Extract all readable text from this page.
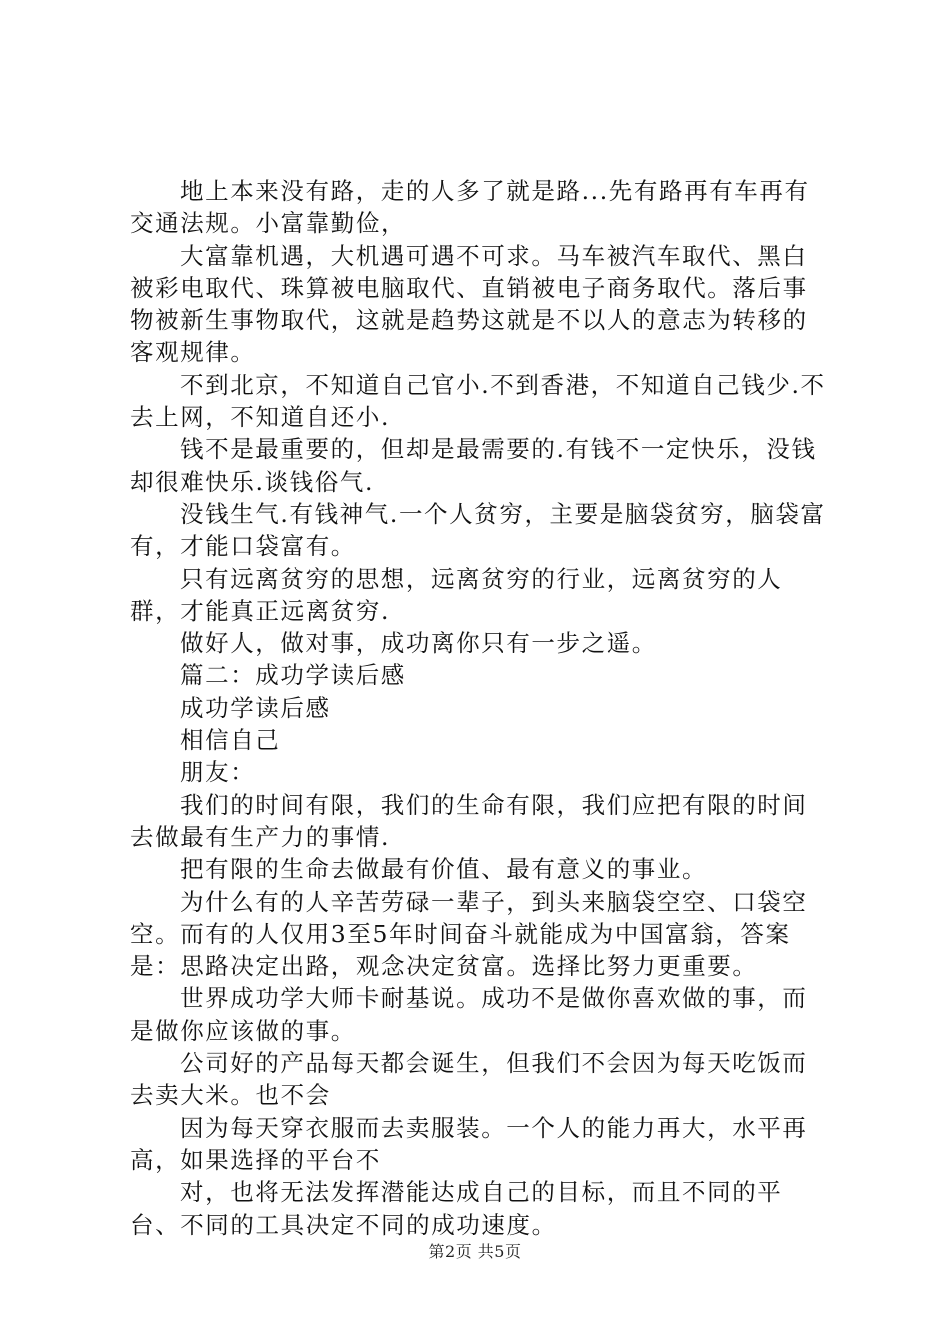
地上本来没有路，走的人多了就是路...先有路再有车再有交通法规。小富靠勤俭，

大富靠机遇，大机遇可遇不可求。马车被汽车取代、黑白被彩电取代、珠算被电脑取代、直销被电子商务取代。落后事物被新生事物取代，这就是趋势这就是不以人的意志为转移的客观规律。

不到北京，不知道自己官小.不到香港，不知道自己钱少.不去上网，不知道自还小.

钱不是最重要的，但却是最需要的.有钱不一定快乐，没钱却很难快乐.谈钱俗气.

没钱生气.有钱神气.一个人贫穷，主要是脑袋贫穷，脑袋富有，才能口袋富有。

只有远离贫穷的思想，远离贫穷的行业，远离贫穷的人群，才能真正远离贫穷.

做好人，做对事，成功离你只有一步之遥。

篇二：成功学读后感

成功学读后感

相信自己

朋友：

我们的时间有限，我们的生命有限，我们应把有限的时间去做最有生产力的事情.

把有限的生命去做最有价值、最有意义的事业。

为什么有的人辛苦劳碌一辈子，到头来脑袋空空、口袋空空。而有的人仅用3至5年时间奋斗就能成为中国富翁，答案是：思路决定出路，观念决定贫富。选择比努力更重要。

世界成功学大师卡耐基说。成功不是做你喜欢做的事，而是做你应该做的事。

公司好的产品每天都会诞生，但我们不会因为每天吃饭而去卖大米。也不会

因为每天穿衣服而去卖服装。一个人的能力再大，水平再高，如果选择的平台不

对，也将无法发挥潜能达成自己的目标，而且不同的平台、不同的工具决定不同的成功速度。

第2页 共5页
